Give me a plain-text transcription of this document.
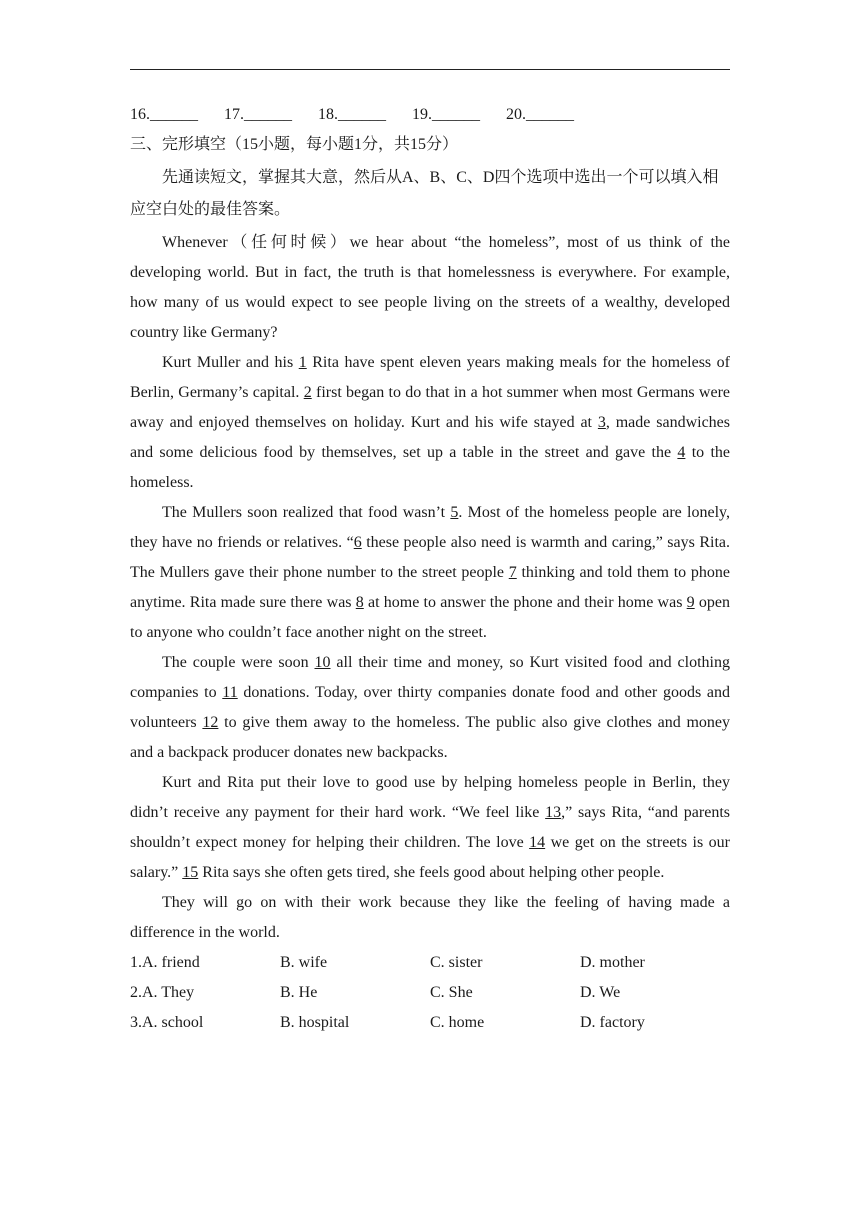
16.______ 17.______ 18.______ 19.______ 20.______
三、完形填空（15小题，每小题1分，共15分）
先通读短文，掌握其大意，然后从A、B、C、D四个选项中选出一个可以填入相应空白处的最佳答案。
Whenever（任何时候）we hear about “the homeless”, most of us think of the developing world. But in fact, the truth is that homelessness is everywhere. For example, how many of us would expect to see people living on the streets of a wealthy, developed country like Germany?
Kurt Muller and his 1 Rita have spent eleven years making meals for the homeless of Berlin, Germany’s capital. 2 first began to do that in a hot summer when most Germans were away and enjoyed themselves on holiday. Kurt and his wife stayed at 3, made sandwiches and some delicious food by themselves, set up a table in the street and gave the 4 to the homeless.
The Mullers soon realized that food wasn’t 5. Most of the homeless people are lonely, they have no friends or relatives. “6 these people also need is warmth and caring,” says Rita. The Mullers gave their phone number to the street people 7 thinking and told them to phone anytime. Rita made sure there was 8 at home to answer the phone and their home was 9 open to anyone who couldn’t face another night on the street.
The couple were soon 10 all their time and money, so Kurt visited food and clothing companies to 11 donations. Today, over thirty companies donate food and other goods and volunteers 12 to give them away to the homeless. The public also give clothes and money and a backpack producer donates new backpacks.
Kurt and Rita put their love to good use by helping homeless people in Berlin, they didn’t receive any payment for their hard work. “We feel like 13,” says Rita, “and parents shouldn’t expect money for helping their children. The love 14 we get on the streets is our salary.” 15 Rita says she often gets tired, she feels good about helping other people.
They will go on with their work because they like the feeling of having made a difference in the world.
1.A. friend	B. wife	C. sister	D. mother
2.A. They	B. He	C. She	D. We
3.A. school	B. hospital	C. home	D. factory
